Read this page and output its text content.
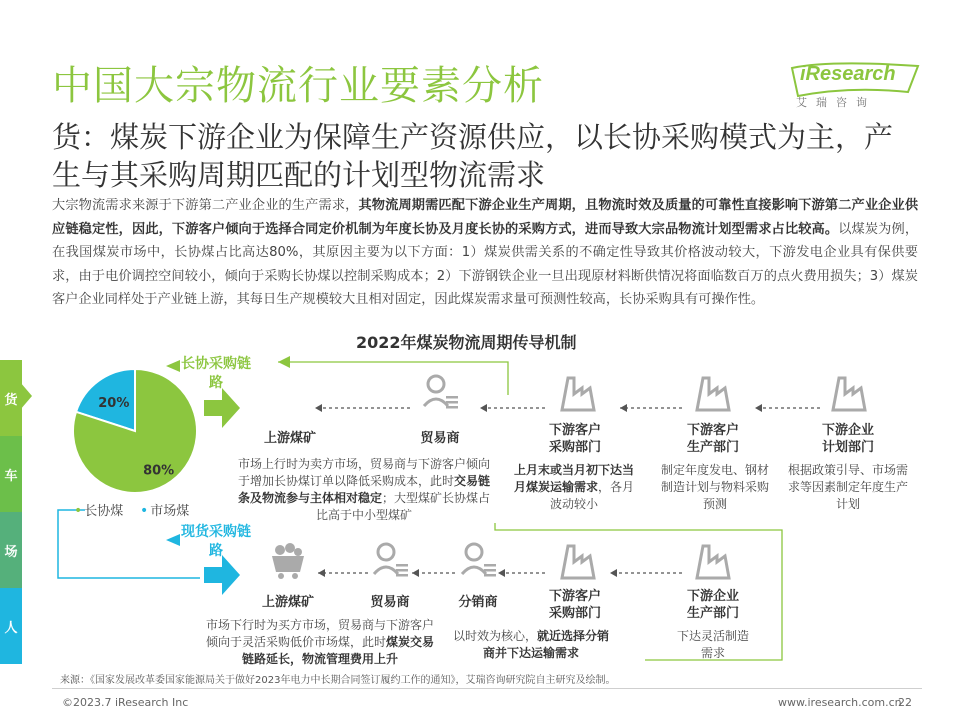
中国大宗物流行业要素分析	iResearch
艾瑞咨询
货：煤炭下游企业为保障生产资源供应，以长协采购模式为主，产生与其采购周期匹配的计划型物流需求
大宗物流需求来源于下游第二产业企业的生产需求，其物流周期需匹配下游企业生产周期，且物流时效及质量的可靠性直接影响下游第二产业企业供应链稳定性，因此，下游客户倾向于选择合同定价机制为年度长协及月度长协的采购方式，进而导致大宗品物流计划型需求占比较高。以煤炭为例，在我国煤炭市场中，长协煤占比高达80%，其原因主要为以下方面：1）煤炭供需关系的不确定性导致其价格波动较大，下游发电企业具有保供要求，由于电价调控空间较小，倾向于采购长协煤以控制采购成本；2）下游钢铁企业一旦出现原材料断供情况将面临数百万的点火费用损失；3）煤炭客户企业同样处于产业链上游，其每日生产规模较大且相对固定，因此煤炭需求量可预测性较高，长协采购具有可操作性。
2022年煤炭物流周期传导机制
货
车
场
人
20%
80%
• 长协煤 • 市场煤
长协采购链路
现货采购链路
上游煤矿	贸易商
下游客户
采购部门
下游客户
生产部门
下游企业
计划部门
市场上行时为卖方市场，贸易商与下游客户倾向于增加长协煤订单以降低采购成本，此时交易链条及物流参与主体相对稳定；大型煤矿长协煤占比高于中小型煤矿
上月末或当月初下达当月煤炭运输需求，各月波动较小
制定年度发电、钢材制造计划与物料采购预测
根据政策引导、市场需求等因素制定年度生产计划
上游煤矿	贸易商	分销商	下游客户
采购部门
下游企业
生产部门
市场下行时为买方市场，贸易商与下游客户倾向于灵活采购低价市场煤，此时煤炭交易链路延长，物流管理费用上升
以时效为核心，就近选择分销商并下达运输需求
下达灵活制造需求
来源：《国家发展改革委国家能源局关于做好2023年电力中长期合同签订履约工作的通知》，艾瑞咨询研究院自主研究及绘制。
©2023.7 iResearch Inc	www.iresearch.com.cn
22
